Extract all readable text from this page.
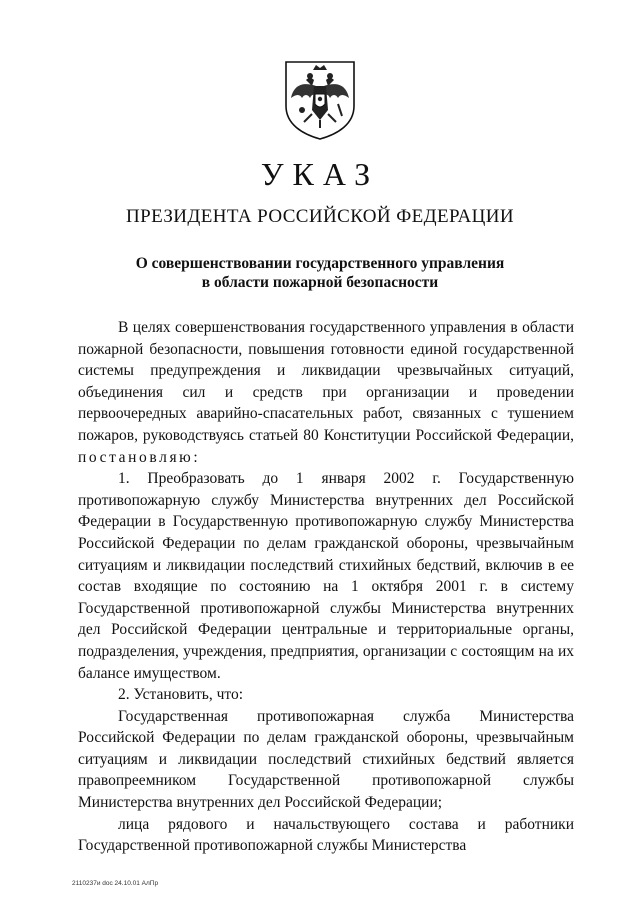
УКАЗ
ПРЕЗИДЕНТА РОССИЙСКОЙ ФЕДЕРАЦИИ
О совершенствовании государственного управления
в области пожарной безопасности

В целях совершенствования государственного управления в области пожарной безопасности, повышения готовности единой государственной системы предупреждения и ликвидации чрезвычайных ситуаций, объединения сил и средств при организации и проведении первоочередных аварийно-спасательных работ, связанных с тушением пожаров, руководствуясь статьей 80 Конституции Российской Федерации, постановляю:

1. Преобразовать до 1 января 2002 г. Государственную противопожарную службу Министерства внутренних дел Российской Федерации в Государственную противопожарную службу Министерства Российской Федерации по делам гражданской обороны, чрезвычайным ситуациям и ликвидации последствий стихийных бедствий, включив в ее состав входящие по состоянию на 1 октября 2001 г. в систему Государственной противопожарной службы Министерства внутренних дел Российской Федерации центральные и территориальные органы, подразделения, учреждения, предприятия, организации с состоящим на их балансе имуществом.

2. Установить, что:

Государственная противопожарная служба Министерства Российской Федерации по делам гражданской обороны, чрезвычайным ситуациям и ликвидации последствий стихийных бедствий является правопреемником Государственной противопожарной службы Министерства внутренних дел Российской Федерации;

лица рядового и начальствующего состава и работники Государственной противопожарной службы Министерства

2110237и doc 24.10.01 АлПр
